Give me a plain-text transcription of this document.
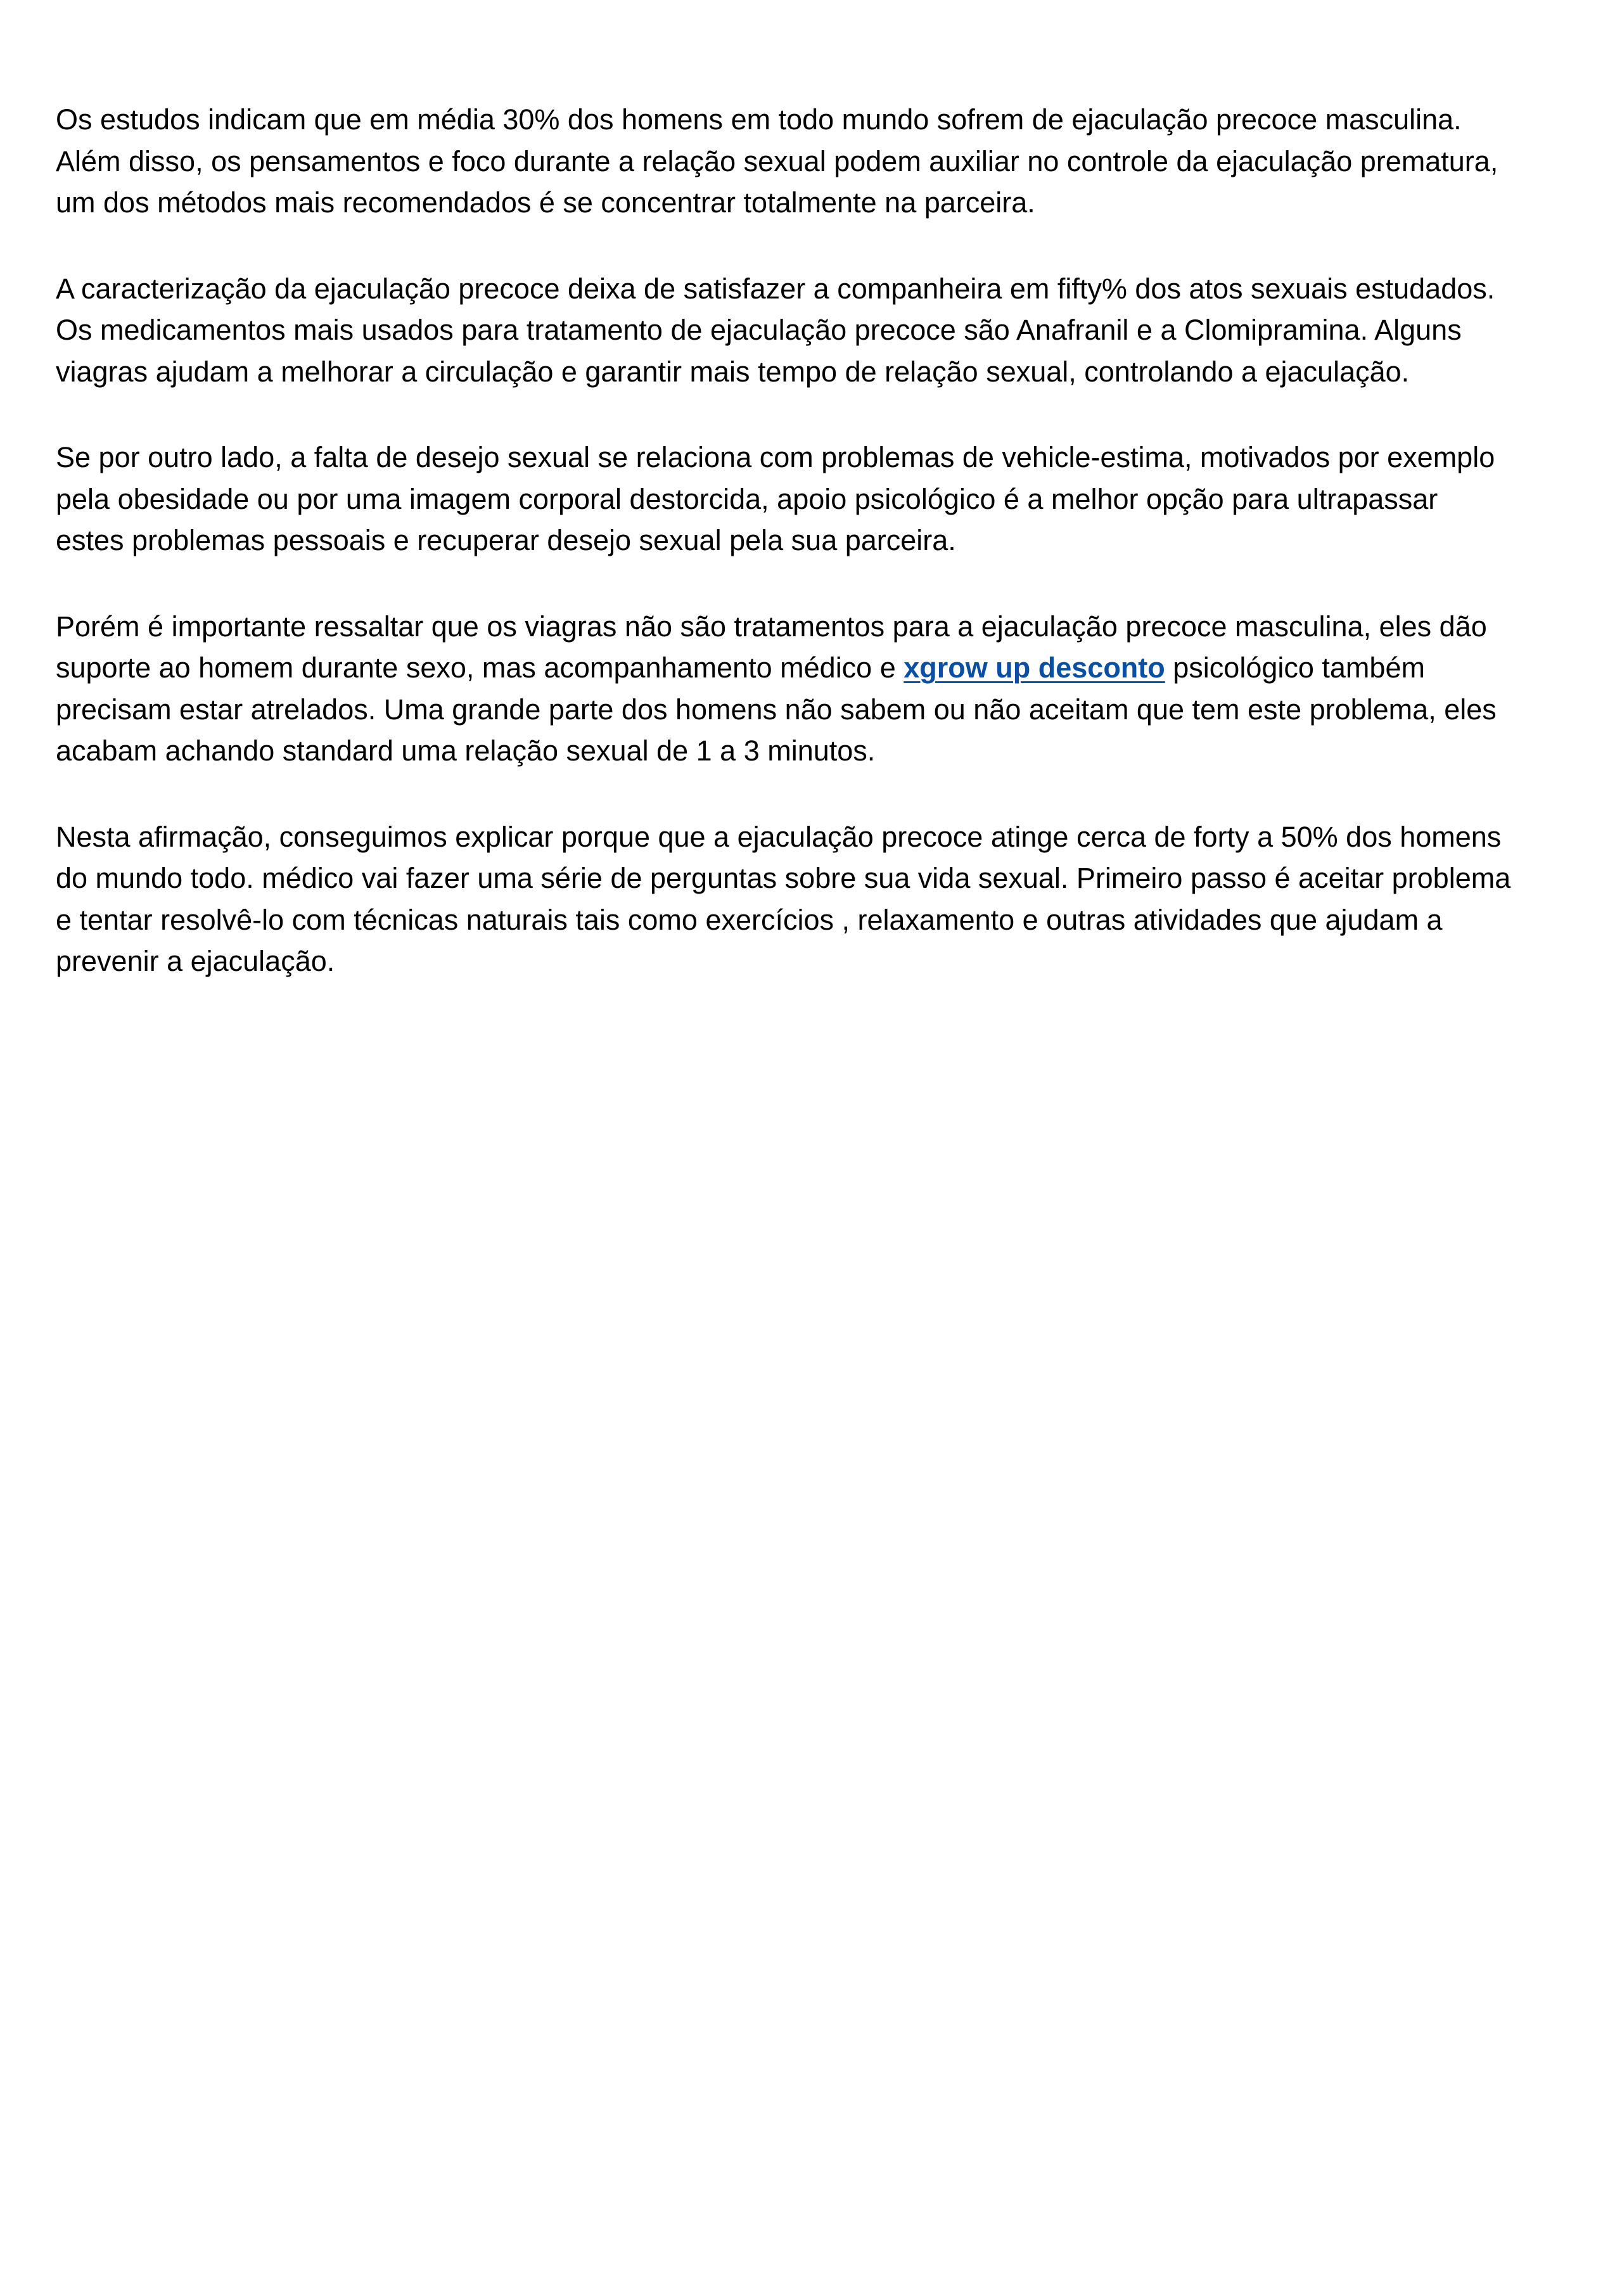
Os estudos indicam que em média 30% dos homens em todo mundo sofrem de ejaculação precoce masculina.
Além disso, os pensamentos e foco durante a relação sexual podem auxiliar no controle da ejaculação prematura,
um dos métodos mais recomendados é se concentrar totalmente na parceira.

A caracterização da ejaculação precoce deixa de satisfazer a companheira em fifty% dos atos sexuais estudados.
Os medicamentos mais usados para tratamento de ejaculação precoce são Anafranil e a Clomipramina. Alguns
viagras ajudam a melhorar a circulação e garantir mais tempo de relação sexual, controlando a ejaculação.

Se por outro lado, a falta de desejo sexual se relaciona com problemas de vehicle-estima, motivados por exemplo
pela obesidade ou por uma imagem corporal destorcida, apoio psicológico é a melhor opção para ultrapassar
estes problemas pessoais e recuperar desejo sexual pela sua parceira.

Porém é importante ressaltar que os viagras não são tratamentos para a ejaculação precoce masculina, eles dão
suporte ao homem durante sexo, mas acompanhamento médico e xgrow up desconto psicológico também
precisam estar atrelados. Uma grande parte dos homens não sabem ou não aceitam que tem este problema, eles
acabam achando standard uma relação sexual de 1 a 3 minutos.

Nesta afirmação, conseguimos explicar porque que a ejaculação precoce atinge cerca de forty a 50% dos homens
do mundo todo. médico vai fazer uma série de perguntas sobre sua vida sexual. Primeiro passo é aceitar problema
e tentar resolvê-lo com técnicas naturais tais como exercícios , relaxamento e outras atividades que ajudam a
prevenir a ejaculação.
